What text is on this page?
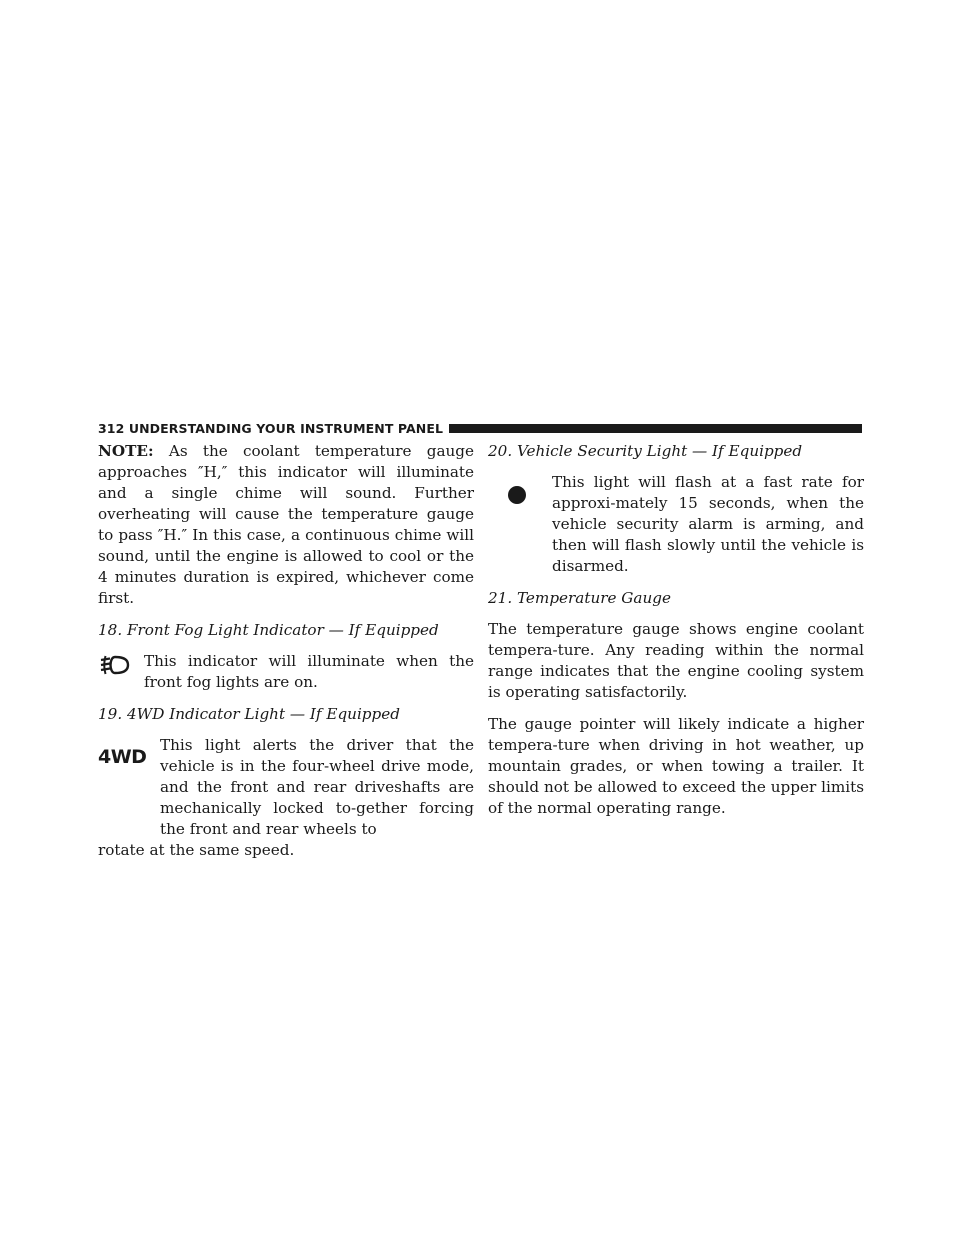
312 UNDERSTANDING YOUR INSTRUMENT PANEL

NOTE: As the coolant temperature gauge approaches ″H,″ this indicator will illuminate and a single chime will sound. Further overheating will cause the temperature gauge to pass ″H.″ In this case, a continuous chime will sound, until the engine is allowed to cool or the 4 minutes duration is expired, whichever come first.

18. Front Fog Light Indicator — If Equipped

This indicator will illuminate when the front fog lights are on.

19. 4WD Indicator Light — If Equipped

4WD

This light alerts the driver that the vehicle is in the four-wheel drive mode, and the front and rear driveshafts are mechanically locked to-gether forcing the front and rear wheels to

rotate at the same speed.

20. Vehicle Security Light — If Equipped

This light will flash at a fast rate for approxi-mately 15 seconds, when the vehicle security alarm is arming, and then will flash slowly until the vehicle is disarmed.

21. Temperature Gauge

The temperature gauge shows engine coolant tempera-ture. Any reading within the normal range indicates that the engine cooling system is operating satisfactorily.

The gauge pointer will likely indicate a higher tempera-ture when driving in hot weather, up mountain grades, or when towing a trailer. It should not be allowed to exceed the upper limits of the normal operating range.
